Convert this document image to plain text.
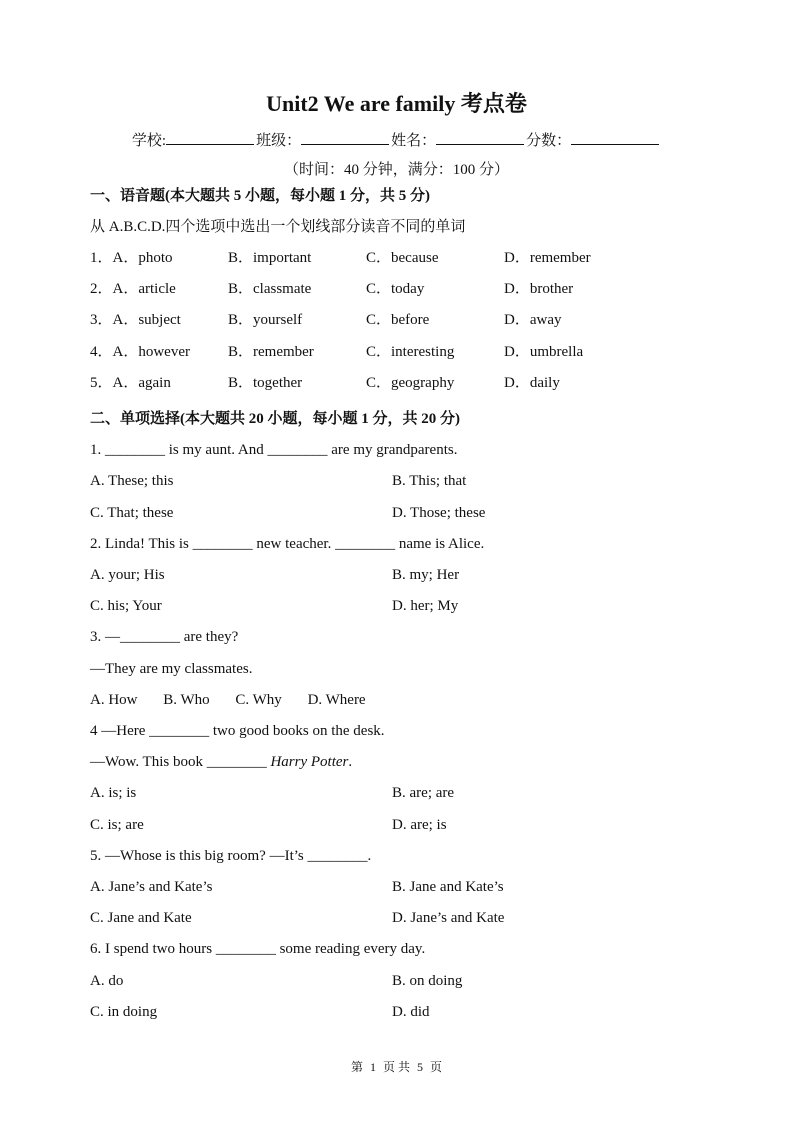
Unit2 We are family 考点卷
学校:	班级：	姓名：	分数：
（时间：40 分钟，满分：100 分）
一、语音题(本大题共 5 小题，每小题 1 分，共 5 分)
从 A.B.C.D.四个选项中选出一个划线部分读音不同的单词
1．A．photo	B．important	C．because	D．remember
2．A．article	B．classmate	C．today	D．brother
3．A．subject	B．yourself	C．before	D．away
4．A．however	B．remember	C．interesting	D．umbrella
5．A．again	B．together	C．geography	D．daily
二、单项选择(本大题共 20 小题，每小题 1 分，共 20 分)
1. ________ is my aunt. And ________ are my grandparents.
A. These; this	B. This; that
C. That; these	D. Those; these
2. Linda! This is ________ new teacher. ________ name is Alice.
A. your; His	B. my; Her
C. his; Your	D. her; My
3. —________ are they?
—They are my classmates.
A. How B. Who C. Why D. Where
4 —Here ________ two good books on the desk.
—Wow. This book ________ Harry Potter.
A. is; is	B. are; are
C. is; are	D. are; is
5. —Whose is this big room? —It’s ________.
A. Jane’s and Kate’s	B. Jane and Kate’s
C. Jane and Kate	D. Jane’s and Kate
6. I spend two hours ________ some reading every day.
A. do	B. on doing
C. in doing	D. did
第 1 页 共 5 页
